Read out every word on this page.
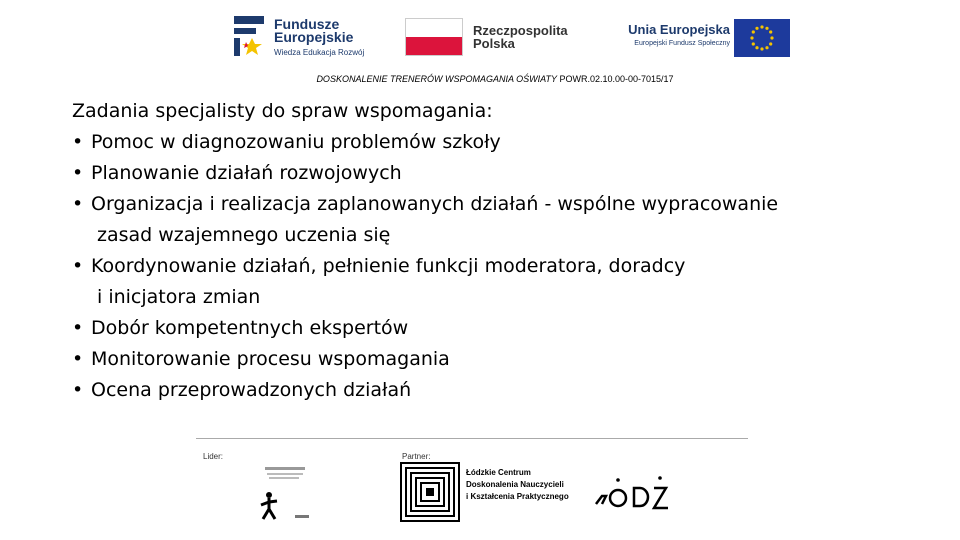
Fundusze
Europejskie
Wiedza Edukacja Rozwój
Rzeczpospolita
Polska
Unia Europejska
Europejski Fundusz Społeczny
DOSKONALENIE TRENERÓW WSPOMAGANIA OŚWIATY POWR.02.10.00-00-7015/17
Zadania specjalisty do spraw wspomagania:
• Pomoc w diagnozowaniu problemów szkoły
• Planowanie działań rozwojowych
• Organizacja i realizacja zaplanowanych działań - wspólne wypracowanie
zasad wzajemnego uczenia się
• Koordynowanie działań, pełnienie funkcji moderatora, doradcy
i inicjatora zmian
• Dobór kompetentnych ekspertów
• Monitorowanie procesu wspomagania
• Ocena przeprowadzonych działań
Lider:	Partner:
Łódzkie Centrum
Doskonalenia Nauczycieli
i Kształcenia Praktycznego
